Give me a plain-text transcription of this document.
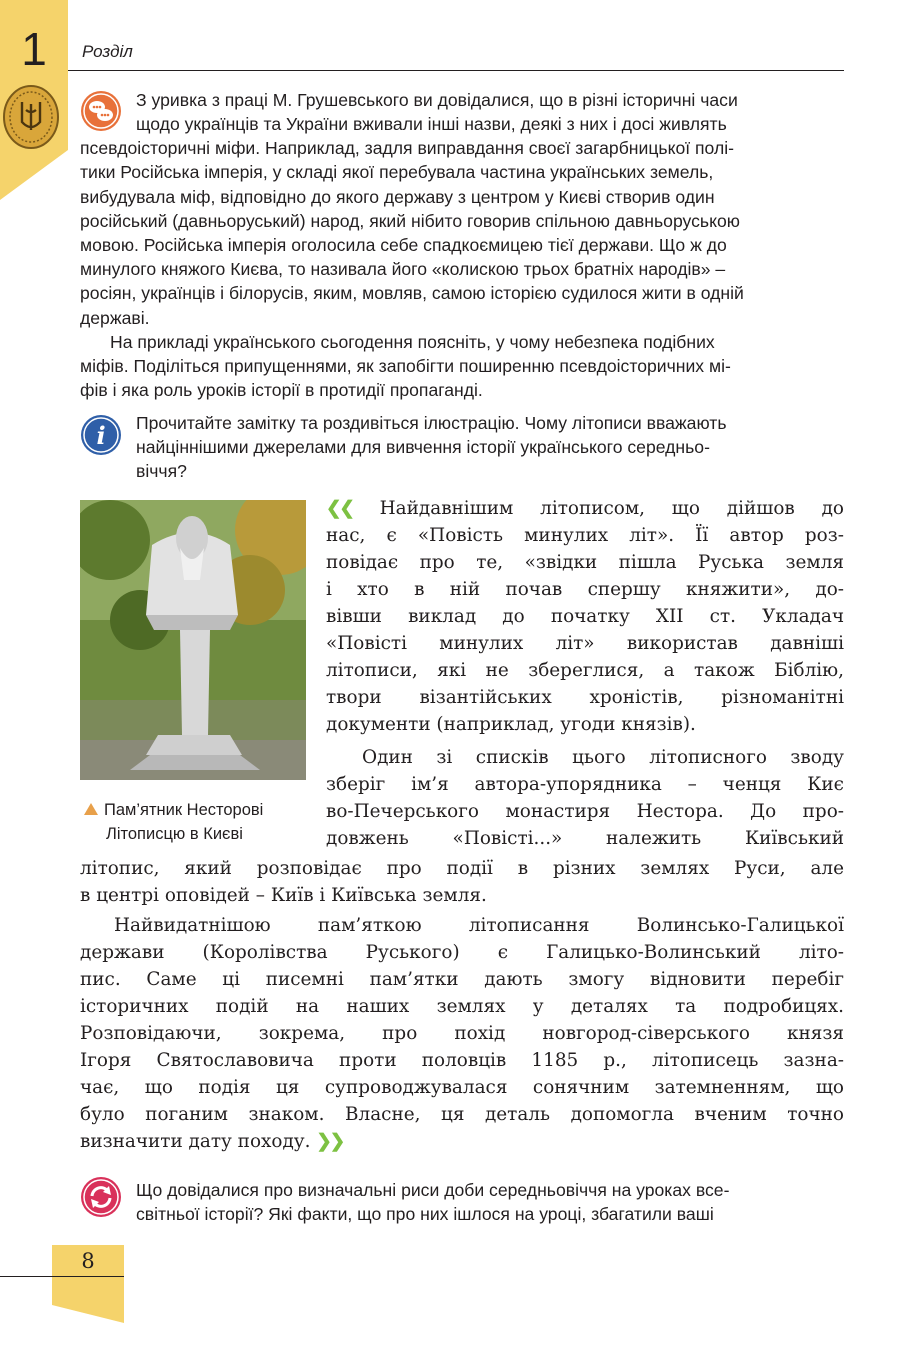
1	Розділ

З уривка з праці М. Грушевського ви довідалися, що в різні історичні часи

щодо українців та України вживали інші назви, деякі з них і досі живлять

псевдоісторичні міфи. Наприклад, задля виправдання своєї загарбницької полі-

тики Російська імперія, у складі якої перебувала частина українських земель,

вибудувала міф, відповідно до якого державу з центром у Києві створив один

російський (давньоруський) народ, який нібито говорив спільною давньоруською

мовою. Російська імперія оголосила себе спадкоємицею тієї держави. Що ж до

минулого княжого Києва, то називала його «колискою трьох братніх народів» –

росіян, українців і білорусів, яким, мовляв, самою історією судилося жити в одній

державі.

На прикладі українського сьогодення поясніть, у чому небезпека подібних

міфів. Поділіться припущеннями, як запобігти поширенню псевдоісторичних мі-

фів і яка роль уроків історії в протидії пропаганді.

i Прочитайте замітку та роздивіться ілюстрацію. Чому літописи вважають

найціннішими джерелами для вивчення історії українського середньо-

віччя?

Пам’ятник Несторові
Літописцю в Києві
❮❮ Найдавнішим літописом, що дійшов до
нас, є «Повість минулих літ». Її автор роз-
повідає про те, «звідки пішла Руська земля
і хто в ній почав спершу княжити», до-
вівши виклад до початку XII ст. Укладач
«Повісті минулих літ» використав давніші
літописи, які не збереглися, а також Біблію,
твори візантійських хроністів, різноманітні
документи (наприклад, угоди князів).
Один зі списків цього літописного зводу
зберіг ім’я автора-упорядника – ченця Киє
во-Печерського монастиря Нестора. До про-
довжень «Повісті...» належить Київський
літопис, який розповідає про події в різних землях Руси, але
в центрі оповідей – Київ і Київська земля.
Найвидатнішою пам’яткою літописання Волинсько-Галицької
держави (Королівства Руського) є Галицько-Волинський літо-
пис. Саме ці писемні пам’ятки дають змогу відновити перебіг
історичних подій на наших землях у деталях та подробицях.
Розповідаючи, зокрема, про похід новгород-сіверського князя
Ігоря Святославовича проти половців 1185 р., літописець зазна-
чає, що подія ця супроводжувалася сонячним затемненням, що
було поганим знаком. Власне, ця деталь допомогла вченим точно
визначити дату походу. ❯❯

Що довідалися про визначальні риси доби середньовіччя на уроках все-

світньої історії? Які факти, що про них ішлося на уроці, збагатили ваші

8
